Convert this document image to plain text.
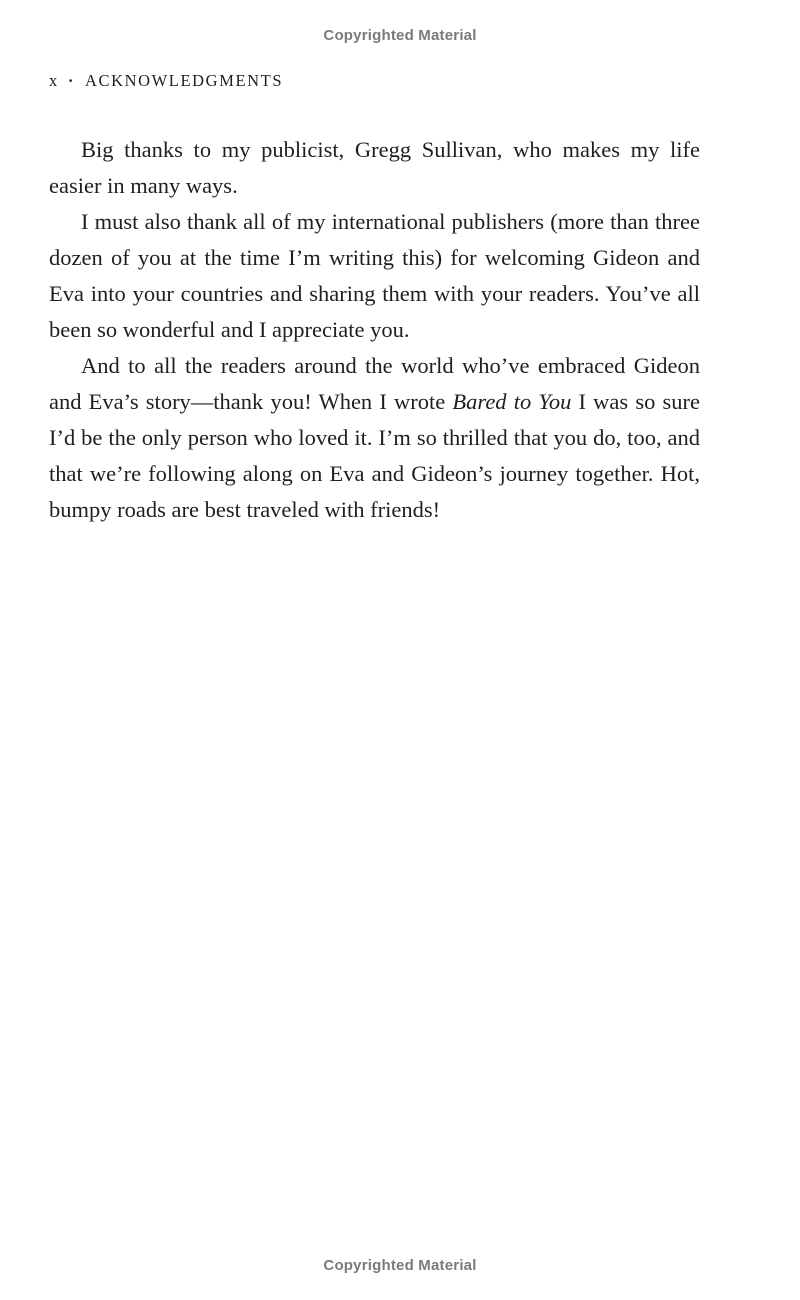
Copyrighted Material
x · ACKNOWLEDGMENTS

Big thanks to my publicist, Gregg Sullivan, who makes my life easier in many ways.

I must also thank all of my international publishers (more than three dozen of you at the time I’m writing this) for welcoming Gideon and Eva into your countries and sharing them with your readers. You’ve all been so wonderful and I appreciate you.

And to all the readers around the world who’ve embraced Gideon and Eva’s story—thank you! When I wrote Bared to You I was so sure I’d be the only person who loved it. I’m so thrilled that you do, too, and that we’re following along on Eva and Gideon’s journey together. Hot, bumpy roads are best traveled with friends!

Copyrighted Material
